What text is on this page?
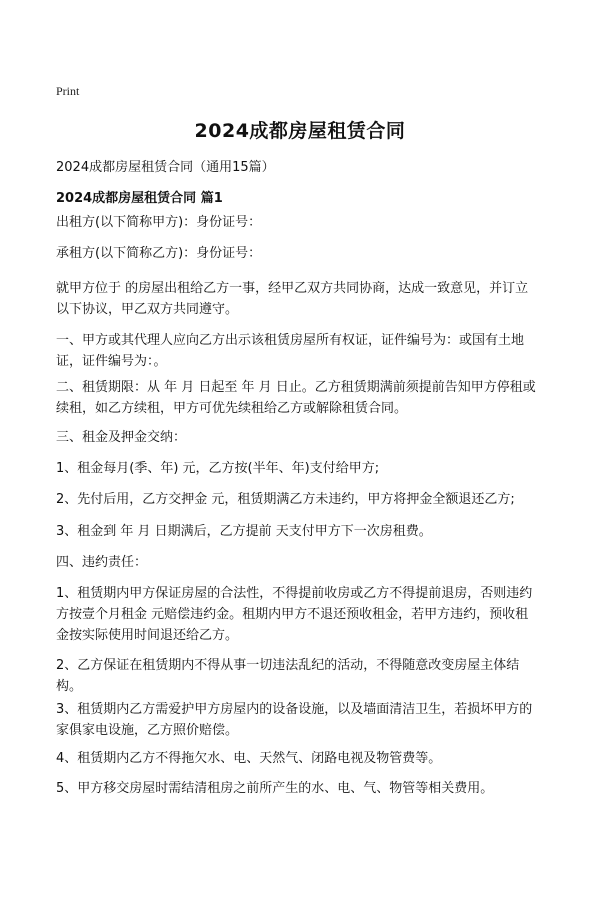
Print
2024成都房屋租赁合同
2024成都房屋租赁合同（通用15篇）
2024成都房屋租赁合同 篇1

出租方(以下简称甲方)：身份证号：

承租方(以下简称乙方)：身份证号：

就甲方位于 的房屋出租给乙方一事，经甲乙双方共同协商，达成一致意见，并订立以下协议，甲乙双方共同遵守。

一、甲方或其代理人应向乙方出示该租赁房屋所有权证，证件编号为：或国有土地证，证件编号为：。

二、租赁期限：从 年 月 日起至 年 月 日止。乙方租赁期满前须提前告知甲方停租或续租，如乙方续租，甲方可优先续租给乙方或解除租赁合同。

三、租金及押金交纳：

1、租金每月(季、年) 元，乙方按(半年、年)支付给甲方;

2、先付后用，乙方交押金 元，租赁期满乙方未违约，甲方将押金全额退还乙方;

3、租金到 年 月 日期满后，乙方提前 天支付甲方下一次房租费。

四、违约责任：

1、租赁期内甲方保证房屋的合法性，不得提前收房或乙方不得提前退房，否则违约方按壹个月租金 元赔偿违约金。租期内甲方不退还预收租金，若甲方违约，预收租金按实际使用时间退还给乙方。

2、乙方保证在租赁期内不得从事一切违法乱纪的活动，不得随意改变房屋主体结构。

3、租赁期内乙方需爱护甲方房屋内的设备设施，以及墙面清洁卫生，若损坏甲方的家俱家电设施，乙方照价赔偿。

4、租赁期内乙方不得拖欠水、电、天然气、闭路电视及物管费等。

5、甲方移交房屋时需结清租房之前所产生的水、电、气、物管等相关费用。
